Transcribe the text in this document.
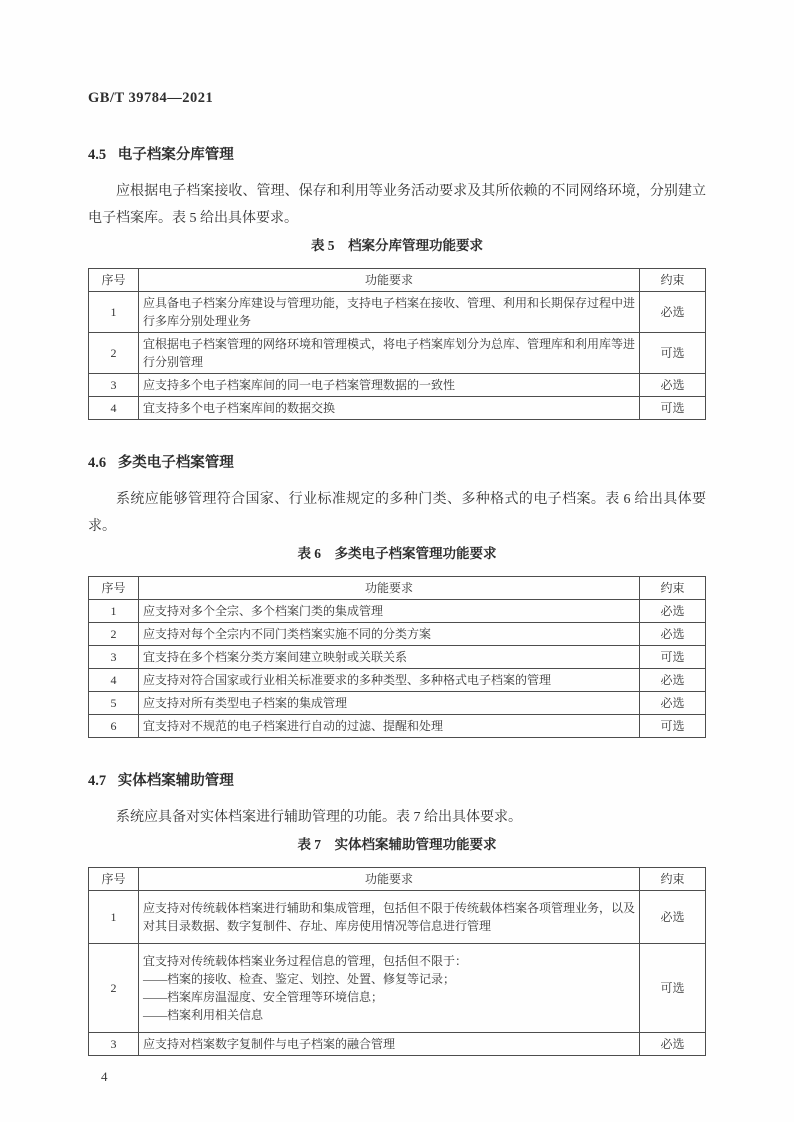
GB/T 39784—2021
4.5 电子档案分库管理

应根据电子档案接收、管理、保存和利用等业务活动要求及其所依赖的不同网络环境，分别建立电子档案库。表 5 给出具体要求。

表 5 档案分库管理功能要求
序号	功能要求	约束
1	应具备电子档案分库建设与管理功能，支持电子档案在接收、管理、利用和长期保存过程中进行多库分别处理业务	必选
2	宜根据电子档案管理的网络环境和管理模式，将电子档案库划分为总库、管理库和利用库等进行分别管理	可选
3	应支持多个电子档案库间的同一电子档案管理数据的一致性	必选
4	宜支持多个电子档案库间的数据交换	可选
4.6 多类电子档案管理

系统应能够管理符合国家、行业标准规定的多种门类、多种格式的电子档案。表 6 给出具体要求。

表 6 多类电子档案管理功能要求
序号	功能要求	约束
1	应支持对多个全宗、多个档案门类的集成管理	必选
2	应支持对每个全宗内不同门类档案实施不同的分类方案	必选
3	宜支持在多个档案分类方案间建立映射或关联关系	可选
4	应支持对符合国家或行业相关标准要求的多种类型、多种格式电子档案的管理	必选
5	应支持对所有类型电子档案的集成管理	必选
6	宜支持对不规范的电子档案进行自动的过滤、提醒和处理	可选
4.7 实体档案辅助管理

系统应具备对实体档案进行辅助管理的功能。表 7 给出具体要求。

表 7 实体档案辅助管理功能要求
序号	功能要求	约束
1	应支持对传统载体档案进行辅助和集成管理，包括但不限于传统载体档案各项管理业务，以及对其目录数据、数字复制件、存址、库房使用情况等信息进行管理	必选
2	宜支持对传统载体档案业务过程信息的管理，包括但不限于：
——档案的接收、检查、鉴定、划控、处置、修复等记录；
——档案库房温湿度、安全管理等环境信息；
——档案利用相关信息	可选
3	应支持对档案数字复制件与电子档案的融合管理	必选
4
